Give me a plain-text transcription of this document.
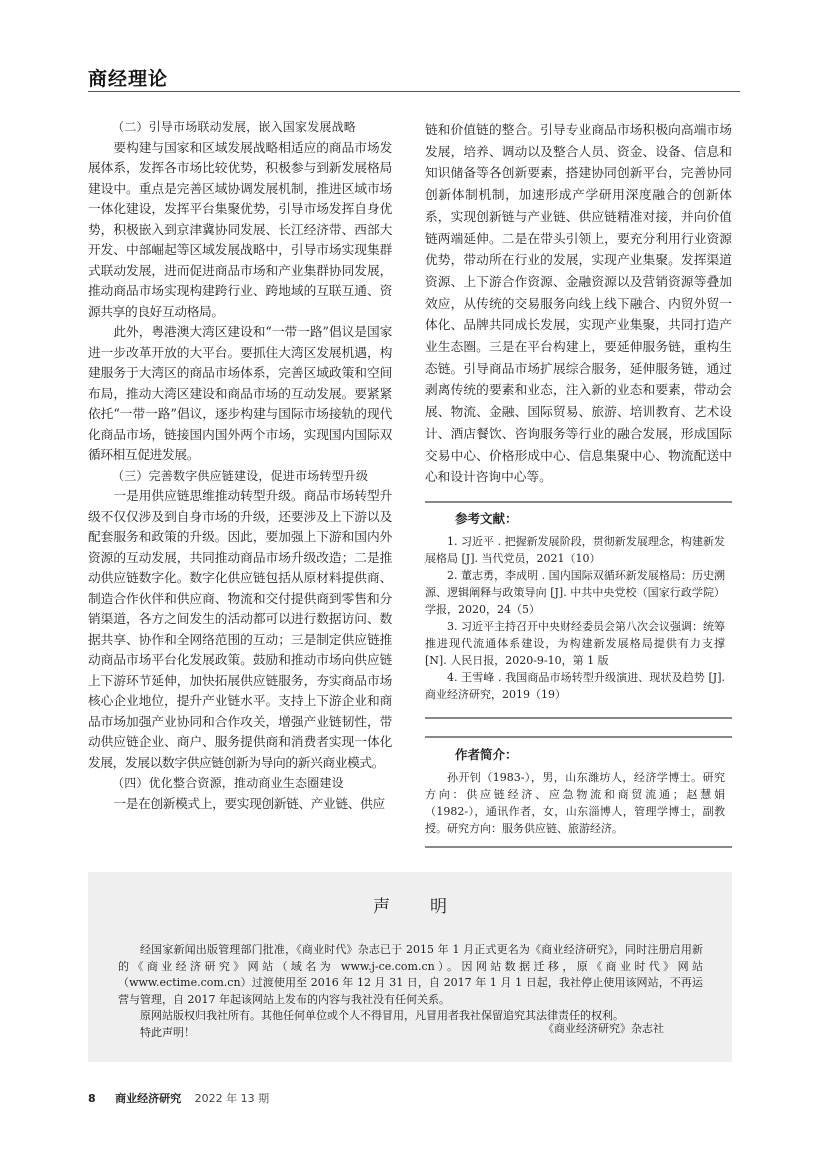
商经理论

（二）引导市场联动发展，嵌入国家发展战略

要构建与国家和区域发展战略相适应的商品市场发展体系，发挥各市场比较优势，积极参与到新发展格局建设中。重点是完善区域协调发展机制，推进区域市场一体化建设，发挥平台集聚优势，引导市场发挥自身优势，积极嵌入到京津冀协同发展、长江经济带、西部大开发、中部崛起等区域发展战略中，引导市场实现集群式联动发展，进而促进商品市场和产业集群协同发展，推动商品市场实现构建跨行业、跨地域的互联互通、资源共享的良好互动格局。

此外，粤港澳大湾区建设和“一带一路”倡议是国家进一步改革开放的大平台。要抓住大湾区发展机遇，构建服务于大湾区的商品市场体系，完善区域政策和空间布局，推动大湾区建设和商品市场的互动发展。要紧紧依托“一带一路”倡议，逐步构建与国际市场接轨的现代化商品市场，链接国内国外两个市场，实现国内国际双循环相互促进发展。

（三）完善数字供应链建设，促进市场转型升级

一是用供应链思维推动转型升级。商品市场转型升级不仅仅涉及到自身市场的升级，还要涉及上下游以及配套服务和政策的升级。因此，要加强上下游和国内外资源的互动发展，共同推动商品市场升级改造；二是推动供应链数字化。数字化供应链包括从原材料提供商、制造合作伙伴和供应商、物流和交付提供商到零售和分销渠道，各方之间发生的活动都可以进行数据访问、数据共享、协作和全网络范围的互动；三是制定供应链推动商品市场平台化发展政策。鼓励和推动市场向供应链上下游环节延伸，加快拓展供应链服务，夯实商品市场核心企业地位，提升产业链水平。支持上下游企业和商品市场加强产业协同和合作攻关，增强产业链韧性，带动供应链企业、商户、服务提供商和消费者实现一体化发展，发展以数字供应链创新为导向的新兴商业模式。

（四）优化整合资源，推动商业生态圈建设

一是在创新模式上，要实现创新链、产业链、供应

链和价值链的整合。引导专业商品市场积极向高端市场发展，培养、调动以及整合人员、资金、设备、信息和知识储备等各创新要素，搭建协同创新平台，完善协同创新体制机制，加速形成产学研用深度融合的创新体系，实现创新链与产业链、供应链精准对接，并向价值链两端延伸。二是在带头引领上，要充分利用行业资源优势，带动所在行业的发展，实现产业集聚。发挥渠道资源、上下游合作资源、金融资源以及营销资源等叠加效应，从传统的交易服务向线上线下融合、内贸外贸一体化、品牌共同成长发展，实现产业集聚，共同打造产业生态圈。三是在平台构建上，要延伸服务链，重构生态链。引导商品市场扩展综合服务，延伸服务链，通过剥离传统的要素和业态，注入新的业态和要素，带动会展、物流、金融、国际贸易、旅游、培训教育、艺术设计、酒店餐饮、咨询服务等行业的融合发展，形成国际交易中心、价格形成中心、信息集聚中心、物流配送中心和设计咨询中心等。

参考文献：

1. 习近平 . 把握新发展阶段，贯彻新发展理念，构建新发展格局 [J]. 当代党员，2021（10）

2. 董志勇，李成明 . 国内国际双循环新发展格局：历史溯源、逻辑阐释与政策导向 [J]. 中共中央党校（国家行政学院）学报，2020，24（5）

3. 习近平主持召开中央财经委员会第八次会议强调：统筹推进现代流通体系建设，为构建新发展格局提供有力支撑 [N]. 人民日报，2020-9-10，第 1 版

4. 王雪峰 . 我国商品市场转型升级演进、现状及趋势 [J]. 商业经济研究，2019（19）

作者简介：

孙开钊（1983-），男，山东潍坊人，经济学博士。研究方向：供应链经济、应急物流和商贸流通；赵慧娟（1982-），通讯作者，女，山东淄博人，管理学博士，副教授。研究方向：服务供应链、旅游经济。

声明

经国家新闻出版管理部门批准，《商业时代》杂志已于 2015 年 1 月正式更名为《商业经济研究》，同时注册启用新的《商业经济研究》网站（域名为 www.j-ce.com.cn）。因网站数据迁移，原《商业时代》网站（www.ectime.com.cn）过渡使用至 2016 年 12 月 31 日，自 2017 年 1 月 1 日起，我社停止使用该网站，不再运营与管理，自 2017 年起该网站上发布的内容与我社没有任何关系。

原网站版权归我社所有。其他任何单位或个人不得冒用，凡冒用者我社保留追究其法律责任的权利。

特此声明！	《商业经济研究》杂志社
8 商业经济研究 2022 年 13 期
